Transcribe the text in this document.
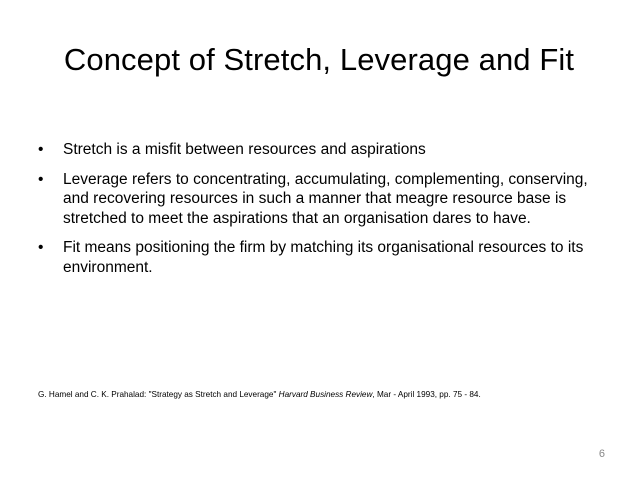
Concept of Stretch, Leverage and Fit
• Stretch is a misfit between resources and aspirations
• Leverage refers to concentrating, accumulating, complementing, conserving, and recovering resources in such a manner that meagre resource base is stretched to meet the aspirations that an organisation dares to have.
• Fit means positioning the firm by matching its organisational resources to its environment.
G. Hamel and C. K. Prahalad: "Strategy as Stretch and Leverage" Harvard Business Review, Mar - April 1993, pp. 75 - 84.
6
